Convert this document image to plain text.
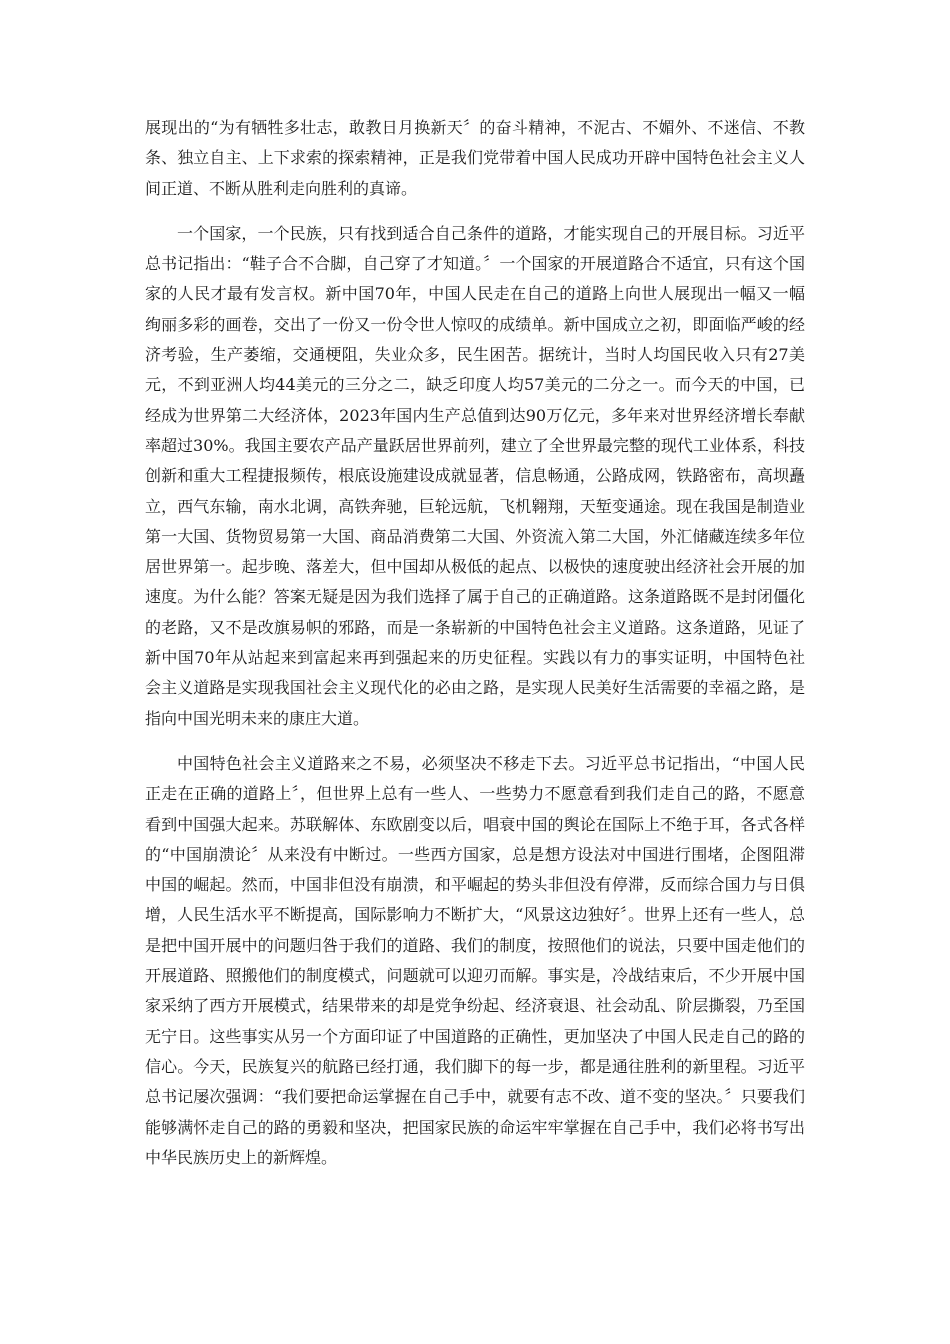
展现出的“为有牺牲多壮志，敢教日月换新天〞的奋斗精神，不泥古、不媚外、不迷信、不教条、独立自主、上下求索的探索精神，正是我们党带着中国人民成功开辟中国特色社会主义人间正道、不断从胜利走向胜利的真谛。

一个国家，一个民族，只有找到适合自己条件的道路，才能实现自己的开展目标。习近平总书记指出：“鞋子合不合脚，自己穿了才知道。〞一个国家的开展道路合不适宜，只有这个国家的人民才最有发言权。新中国70年，中国人民走在自己的道路上向世人展现出一幅又一幅绚丽多彩的画卷，交出了一份又一份令世人惊叹的成绩单。新中国成立之初，即面临严峻的经济考验，生产萎缩，交通梗阻，失业众多，民生困苦。据统计，当时人均国民收入只有27美元，不到亚洲人均44美元的三分之二，缺乏印度人均57美元的二分之一。而今天的中国，已经成为世界第二大经济体，2023年国内生产总值到达90万亿元，多年来对世界经济增长奉献率超过30%。我国主要农产品产量跃居世界前列，建立了全世界最完整的现代工业体系，科技创新和重大工程捷报频传，根底设施建设成就显著，信息畅通，公路成网，铁路密布，高坝矗立，西气东输，南水北调，高铁奔驰，巨轮远航，飞机翱翔，天堑变通途。现在我国是制造业第一大国、货物贸易第一大国、商品消费第二大国、外资流入第二大国，外汇储藏连续多年位居世界第一。起步晚、落差大，但中国却从极低的起点、以极快的速度驶出经济社会开展的加速度。为什么能？答案无疑是因为我们选择了属于自己的正确道路。这条道路既不是封闭僵化的老路，又不是改旗易帜的邪路，而是一条崭新的中国特色社会主义道路。这条道路，见证了新中国70年从站起来到富起来再到强起来的历史征程。实践以有力的事实证明，中国特色社会主义道路是实现我国社会主义现代化的必由之路，是实现人民美好生活需要的幸福之路，是指向中国光明未来的康庄大道。

中国特色社会主义道路来之不易，必须坚决不移走下去。习近平总书记指出，“中国人民正走在正确的道路上〞，但世界上总有一些人、一些势力不愿意看到我们走自己的路，不愿意看到中国强大起来。苏联解体、东欧剧变以后，唱衰中国的舆论在国际上不绝于耳，各式各样的“中国崩溃论〞从来没有中断过。一些西方国家，总是想方设法对中国进行围堵，企图阻滞中国的崛起。然而，中国非但没有崩溃，和平崛起的势头非但没有停滞，反而综合国力与日俱增，人民生活水平不断提高，国际影响力不断扩大，“风景这边独好〞。世界上还有一些人，总是把中国开展中的问题归咎于我们的道路、我们的制度，按照他们的说法，只要中国走他们的开展道路、照搬他们的制度模式，问题就可以迎刃而解。事实是，冷战结束后，不少开展中国家采纳了西方开展模式，结果带来的却是党争纷起、经济衰退、社会动乱、阶层撕裂，乃至国无宁日。这些事实从另一个方面印证了中国道路的正确性，更加坚决了中国人民走自己的路的信心。今天，民族复兴的航路已经打通，我们脚下的每一步，都是通往胜利的新里程。习近平总书记屡次强调：“我们要把命运掌握在自己手中，就要有志不改、道不变的坚决。〞只要我们能够满怀走自己的路的勇毅和坚决，把国家民族的命运牢牢掌握在自己手中，我们必将书写出中华民族历史上的新辉煌。
